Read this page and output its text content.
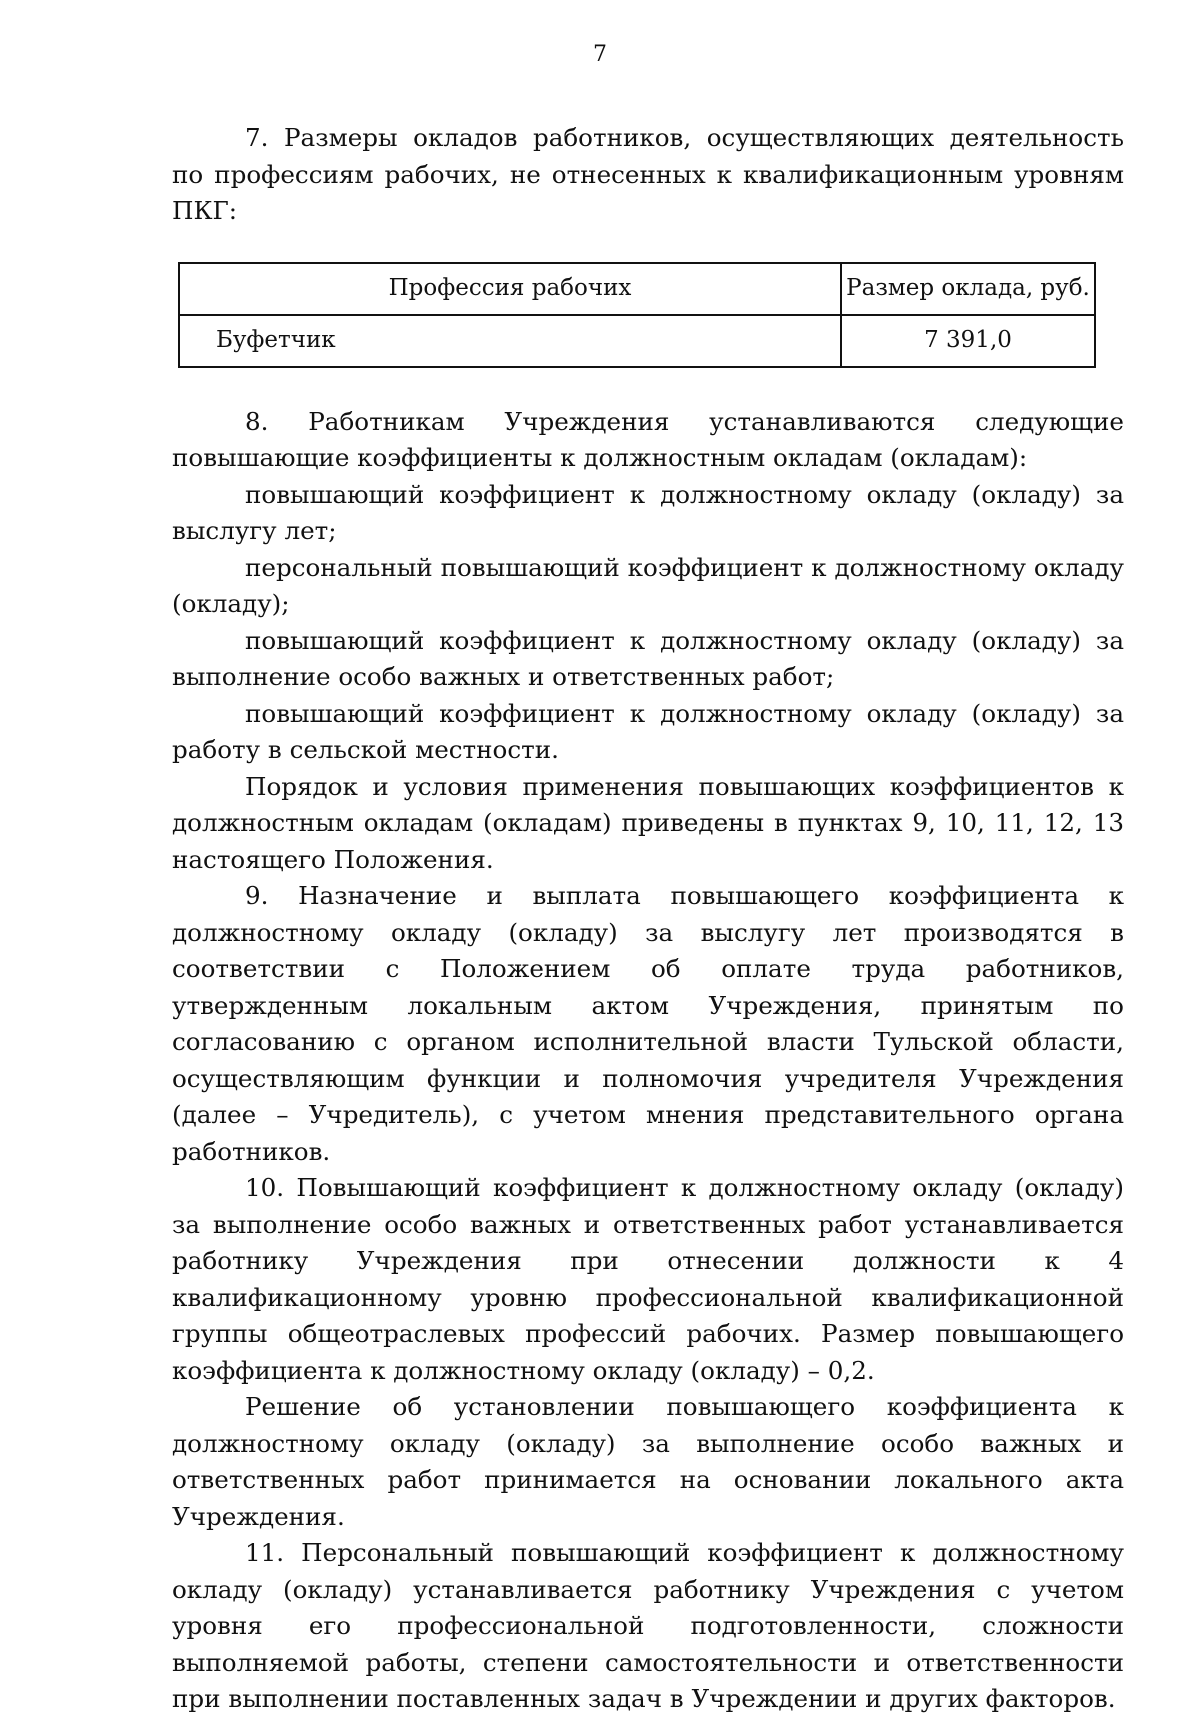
7

7. Размеры окладов работников, осуществляющих деятельность по профессиям рабочих, не отнесенных к квалификационным уровням ПКГ:

Профессия рабочих	Размер оклада, руб.
Буфетчик	7 391,0

8. Работникам Учреждения устанавливаются следующие повышающие коэффициенты к должностным окладам (окладам):

повышающий коэффициент к должностному окладу (окладу) за выслугу лет;

персональный повышающий коэффициент к должностному окладу (окладу);

повышающий коэффициент к должностному окладу (окладу) за выполнение особо важных и ответственных работ;

повышающий коэффициент к должностному окладу (окладу) за работу в сельской местности.

Порядок и условия применения повышающих коэффициентов к должностным окладам (окладам) приведены в пунктах 9, 10, 11, 12, 13 настоящего Положения.

9. Назначение и выплата повышающего коэффициента к должностному окладу (окладу) за выслугу лет производятся в соответствии с Положением об оплате труда работников, утвержденным локальным актом Учреждения, принятым по согласованию с органом исполнительной власти Тульской области, осуществляющим функции и полномочия учредителя Учреждения (далее – Учредитель), с учетом мнения представительного органа работников.

10. Повышающий коэффициент к должностному окладу (окладу) за выполнение особо важных и ответственных работ устанавливается работнику Учреждения при отнесении должности к 4 квалификационному уровню профессиональной квалификационной группы общеотраслевых профессий рабочих. Размер повышающего коэффициента к должностному окладу (окладу) – 0,2.

Решение об установлении повышающего коэффициента к должностному окладу (окладу) за выполнение особо важных и ответственных работ принимается на основании локального акта Учреждения.

11. Персональный повышающий коэффициент к должностному окладу (окладу) устанавливается работнику Учреждения с учетом уровня его профессиональной подготовленности, сложности выполняемой работы, степени самостоятельности и ответственности при выполнении поставленных задач в Учреждении и других факторов.
